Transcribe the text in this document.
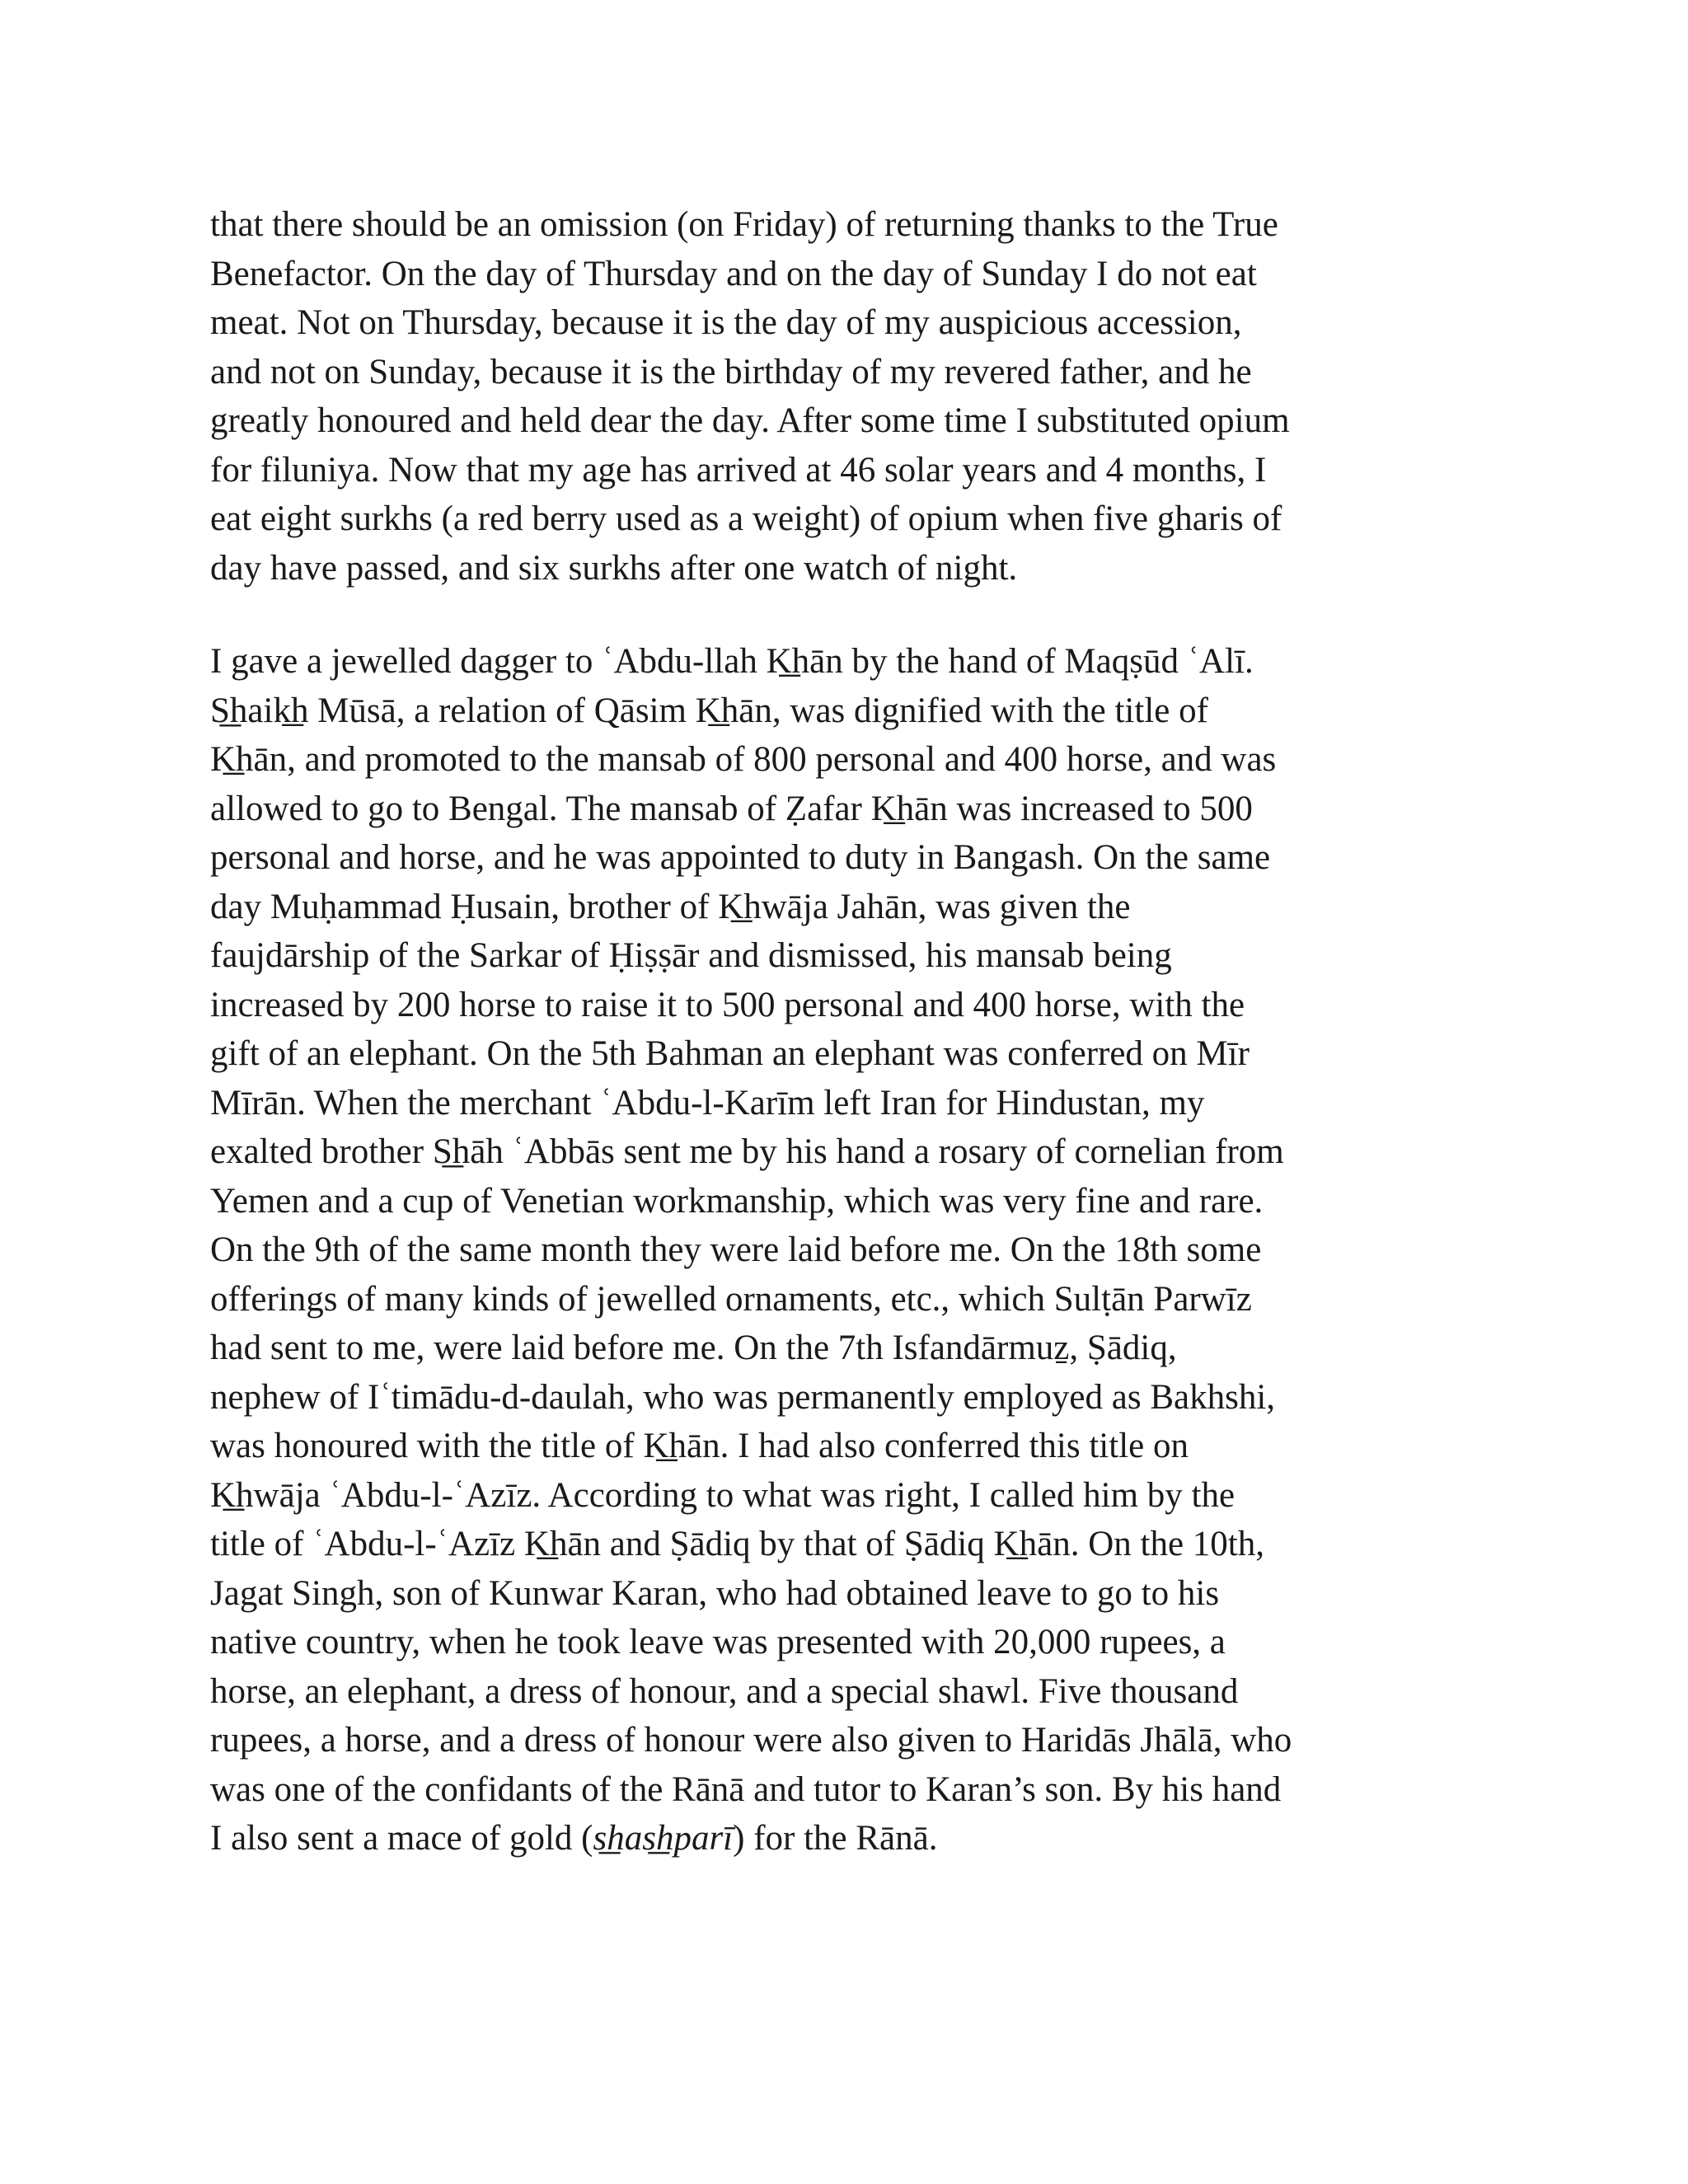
that there should be an omission (on Friday) of returning thanks to the True
Benefactor. On the day of Thursday and on the day of Sunday I do not eat
meat. Not on Thursday, because it is the day of my auspicious accession,
and not on Sunday, because it is the birthday of my revered father, and he
greatly honoured and held dear the day. After some time I substituted opium
for filuniya. Now that my age has arrived at 46 solar years and 4 months, I
eat eight surkhs (a red berry used as a weight) of opium when five gharis of
day have passed, and six surkhs after one watch of night.
I gave a jewelled dagger to ʿAbdu-llah K͟hān by the hand of Maqṣūd ʿAlī.
S͟haik͟h Mūsā, a relation of Qāsim K͟hān, was dignified with the title of
K͟hān, and promoted to the mansab of 800 personal and 400 horse, and was
allowed to go to Bengal. The mansab of Ẓafar K͟hān was increased to 500
personal and horse, and he was appointed to duty in Bangash. On the same
day Muḥammad Ḥusain, brother of K͟hwāja Jahān, was given the
faujdārship of the Sarkar of Ḥiṣṣār and dismissed, his mansab being
increased by 200 horse to raise it to 500 personal and 400 horse, with the
gift of an elephant. On the 5th Bahman an elephant was conferred on Mīr
Mīrān. When the merchant ʿAbdu-l-Karīm left Iran for Hindustan, my
exalted brother S͟hāh ʿAbbās sent me by his hand a rosary of cornelian from
Yemen and a cup of Venetian workmanship, which was very fine and rare.
On the 9th of the same month they were laid before me. On the 18th some
offerings of many kinds of jewelled ornaments, etc., which Sulṭān Parwīz
had sent to me, were laid before me. On the 7th Isfandārmuẕ, Ṣādiq,
nephew of Iʿtimādu-d-daulah, who was permanently employed as Bakhshi,
was honoured with the title of K͟hān. I had also conferred this title on
K͟hwāja ʿAbdu-l-ʿAzīz. According to what was right, I called him by the
title of ʿAbdu-l-ʿAzīz K͟hān and Ṣādiq by that of Ṣādiq K͟hān. On the 10th,
Jagat Singh, son of Kunwar Karan, who had obtained leave to go to his
native country, when he took leave was presented with 20,000 rupees, a
horse, an elephant, a dress of honour, and a special shawl. Five thousand
rupees, a horse, and a dress of honour were also given to Haridās Jhālā, who
was one of the confidants of the Rānā and tutor to Karan’s son. By his hand
I also sent a mace of gold (s͟has͟hparī) for the Rānā.
